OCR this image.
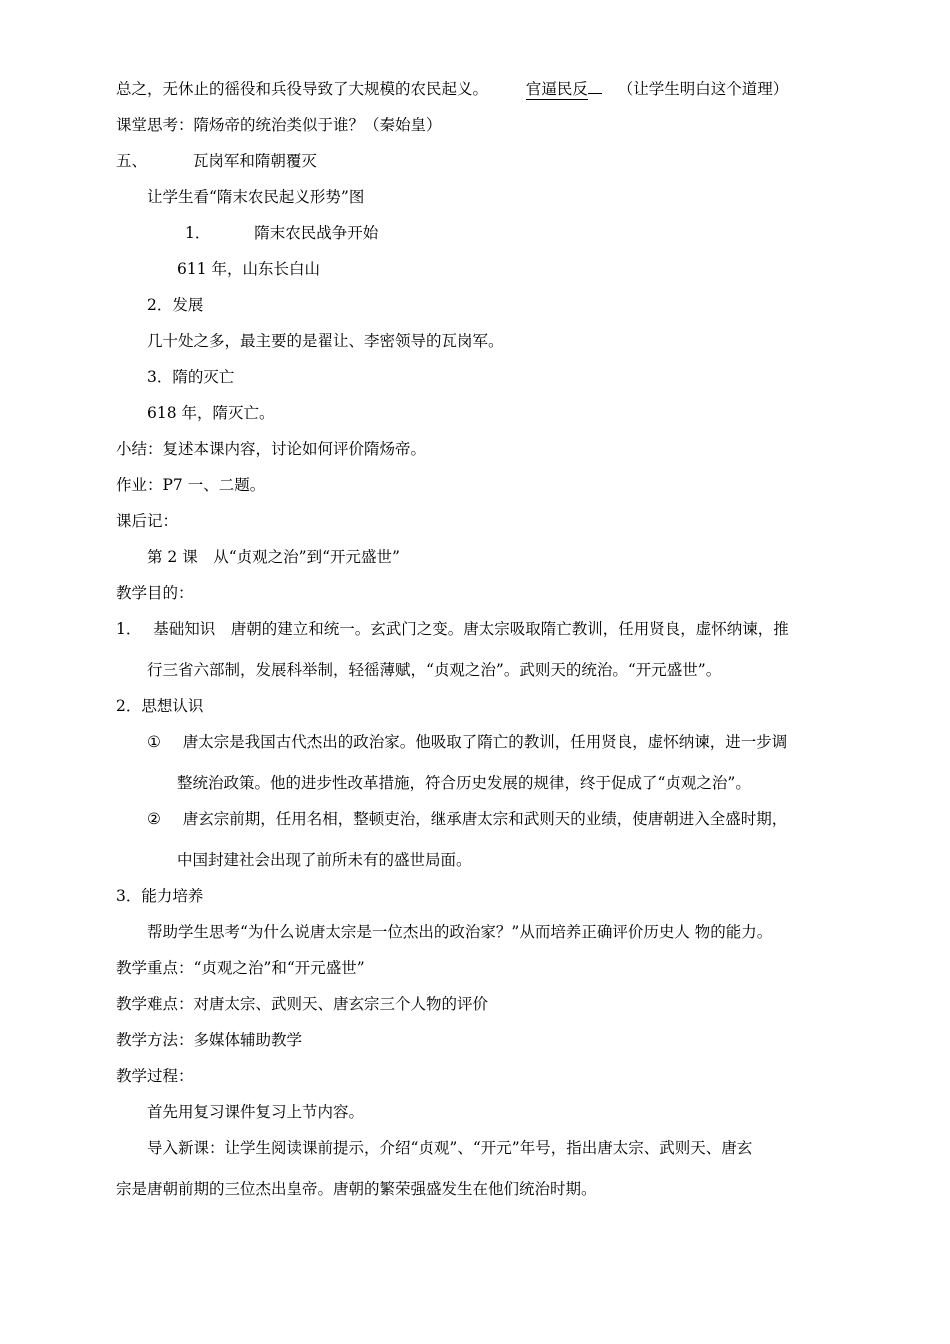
总之，无休止的徭役和兵役导致了大规模的农民起义。 官逼民反 （让学生明白这个道理）
课堂思考：隋炀帝的统治类似于谁？（秦始皇）
五、	瓦岗军和隋朝覆灭
让学生看“隋末农民起义形势”图
1．	隋末农民战争开始
611 年，山东长白山
2．发展
几十处之多，最主要的是翟让、李密领导的瓦岗军。
3．隋的灭亡
618 年，隋灭亡。
小结：复述本课内容，讨论如何评价隋炀帝。
作业：P7 一、二题。
课后记：
第 2 课　从“贞观之治”到“开元盛世”
教学目的：
1． 基础知识　唐朝的建立和统一。玄武门之变。唐太宗吸取隋亡教训，任用贤良，虚怀纳谏，推
行三省六部制，发展科举制，轻徭薄赋，“贞观之治”。武则天的统治。“开元盛世”。
2．思想认识
① 唐太宗是我国古代杰出的政治家。他吸取了隋亡的教训，任用贤良，虚怀纳谏，进一步调
整统治政策。他的进步性改革措施，符合历史发展的规律，终于促成了“贞观之治”。
② 唐玄宗前期，任用名相，整顿吏治，继承唐太宗和武则天的业绩，使唐朝进入全盛时期，
中国封建社会出现了前所未有的盛世局面。
3．能力培养
帮助学生思考“为什么说唐太宗是一位杰出的政治家？”从而培养正确评价历史人 物的能力。
教学重点：“贞观之治”和“开元盛世”
教学难点：对唐太宗、武则天、唐玄宗三个人物的评价
教学方法：多媒体辅助教学
教学过程：
首先用复习课件复习上节内容。
导入新课：让学生阅读课前提示，介绍“贞观”、“开元”年号，指出唐太宗、武则天、唐玄
宗是唐朝前期的三位杰出皇帝。唐朝的繁荣强盛发生在他们统治时期。
